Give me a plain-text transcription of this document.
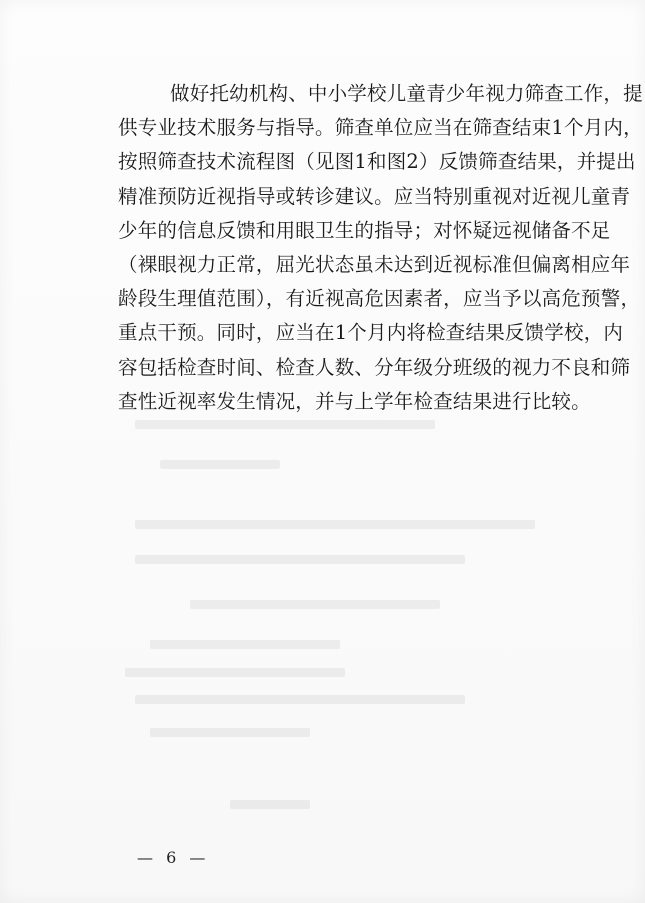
做好托幼机构、中小学校儿童青少年视力筛查工作，提
供专业技术服务与指导。筛查单位应当在筛查结束1个月内，
按照筛查技术流程图（见图1和图2）反馈筛查结果，并提出
精准预防近视指导或转诊建议。应当特别重视对近视儿童青
少年的信息反馈和用眼卫生的指导；对怀疑远视储备不足
（裸眼视力正常，屈光状态虽未达到近视标准但偏离相应年
龄段生理值范围），有近视高危因素者，应当予以高危预警，
重点干预。同时，应当在1个月内将检查结果反馈学校，内
容包括检查时间、检查人数、分年级分班级的视力不良和筛
查性近视率发生情况，并与上学年检查结果进行比较。
— 6 —
